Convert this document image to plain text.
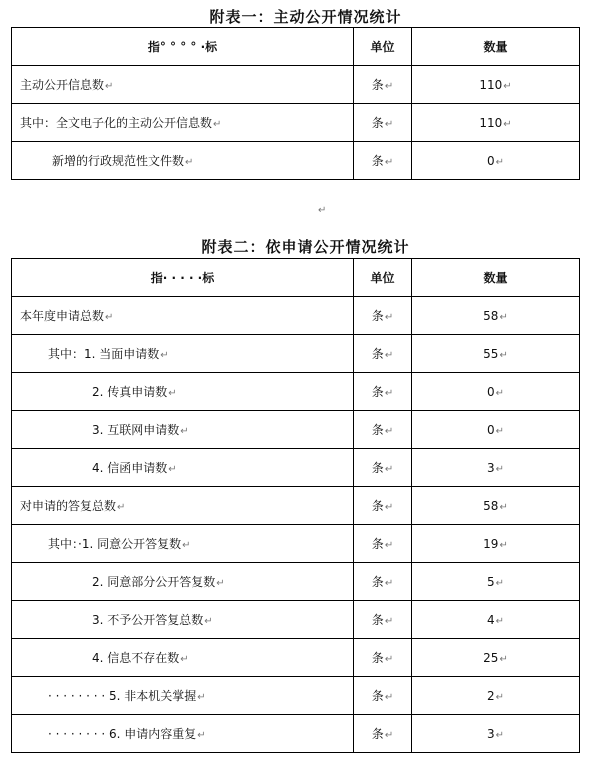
附表一：主动公开情况统计
指° ° ° ° ·标	单位	数量
主动公开信息数↵	条↵	110↵
其中：全文电子化的主动公开信息数↵	条↵	110↵
新增的行政规范性文件数↵	条↵	0↵
↵
附表二：依申请公开情况统计
指· · · · ·标	单位	数量
本年度申请总数↵	条↵	58↵
其中：1. 当面申请数↵	条↵	55↵
2. 传真申请数↵	条↵	0↵
3. 互联网申请数↵	条↵	0↵
4. 信函申请数↵	条↵	3↵
对申请的答复总数↵	条↵	58↵
其中：·1. 同意公开答复数↵	条↵	19↵
2. 同意部分公开答复数↵	条↵	5↵
3. 不予公开答复总数↵	条↵	4↵
4. 信息不存在数↵	条↵	25↵
· · · · · · · · 5. 非本机关掌握↵	条↵	2↵
· · · · · · · · 6. 申请内容重复↵	条↵	3↵
